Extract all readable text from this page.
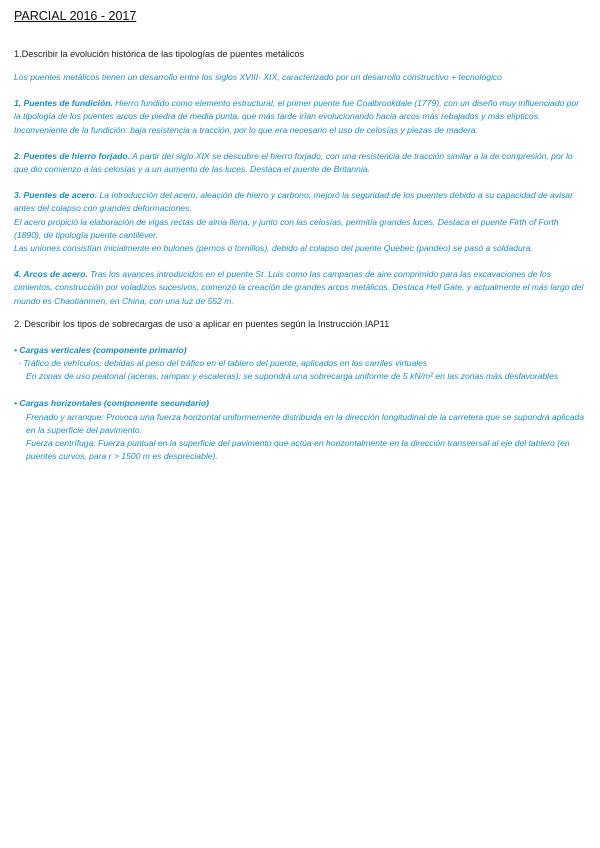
PARCIAL 2016 - 2017
1.Describir la evolución histórica de las tipologías de puentes metálicos

Los puentes metálicos tienen un desarrollo entre los siglos XVIII- XIX, caracterizado por un desarrollo constructivo + tecnológico

1. Puentes de fundición. Hierro fundido como elemento estructural, el primer puente fue Coalbrookdale (1779), con un diseño muy influenciado por la tipología de los puentes arcos de piedra de media punta, que más tarde irían evolucionando hacia arcos más rebajados y más elípticos.

Inconveniente de la fundición: baja resistencia a tracción, por lo que era necesario el uso de celosías y piezas de madera.

2. Puentes de hierro forjado. A partir del siglo XIX se descubre el hierro forjado, con una resistencia de tracción similar a la de compresión, por lo que dio comienzo a las celosías y a un aumento de las luces. Destaca el puente de Britannia.

3. Puentes de acero. La introducción del acero, aleación de hierro y carbono, mejoró la seguridad de los puentes debido a su capacidad de avisar antes del colapso con grandes deformaciones.

El acero propició la elaboración de vigas rectas de alma llena, y junto con las celosías, permitía grandes luces. Destaca el puente Firth of Forth (1890), de tipología puente cantiléver.

Las uniones consistían inicialmente en bulones (pernos o tornillos), debido al colapso del puente Quebec (pandeo) se pasó a soldadura.

4. Arcos de acero. Tras los avances introducidos en el puente St. Luis como las campanas de aire comprimido para las excavaciones de los cimientos, construcción por voladizos sucesivos, comenzó la creación de grandes arcos metálicos. Destaca Hell Gate, y actualmente el más largo del mundo es Chaotianmen, en China, con una luz de 552 m.

2. Describir los tipos de sobrecargas de uso a aplicar en puentes según la Instrucción IAP11

• Cargas verticales (componente primario)

- Tráfico de vehículos: debidas al peso del tráfico en el tablero del puente, aplicados en los carriles virtuales

En zonas de uso peatonal (aceras, rampas y escaleras): se supondrá una sobrecarga uniforme de 5 kN/m² en las zonas más desfavorables

• Cargas horizontales (componente secundario)

Frenado y arranque: Provoca una fuerza horizontal uniformemente distribuida en la dirección longitudinal de la carretera que se supondrá aplicada en la superficie del pavimento.

Fuerza centrífuga: Fuerza puntual en la superficie del pavimento que actúa en horizontalmente en la dirección transversal al eje del tablero (en puentes curvos, para r > 1500 m es despreciable).
